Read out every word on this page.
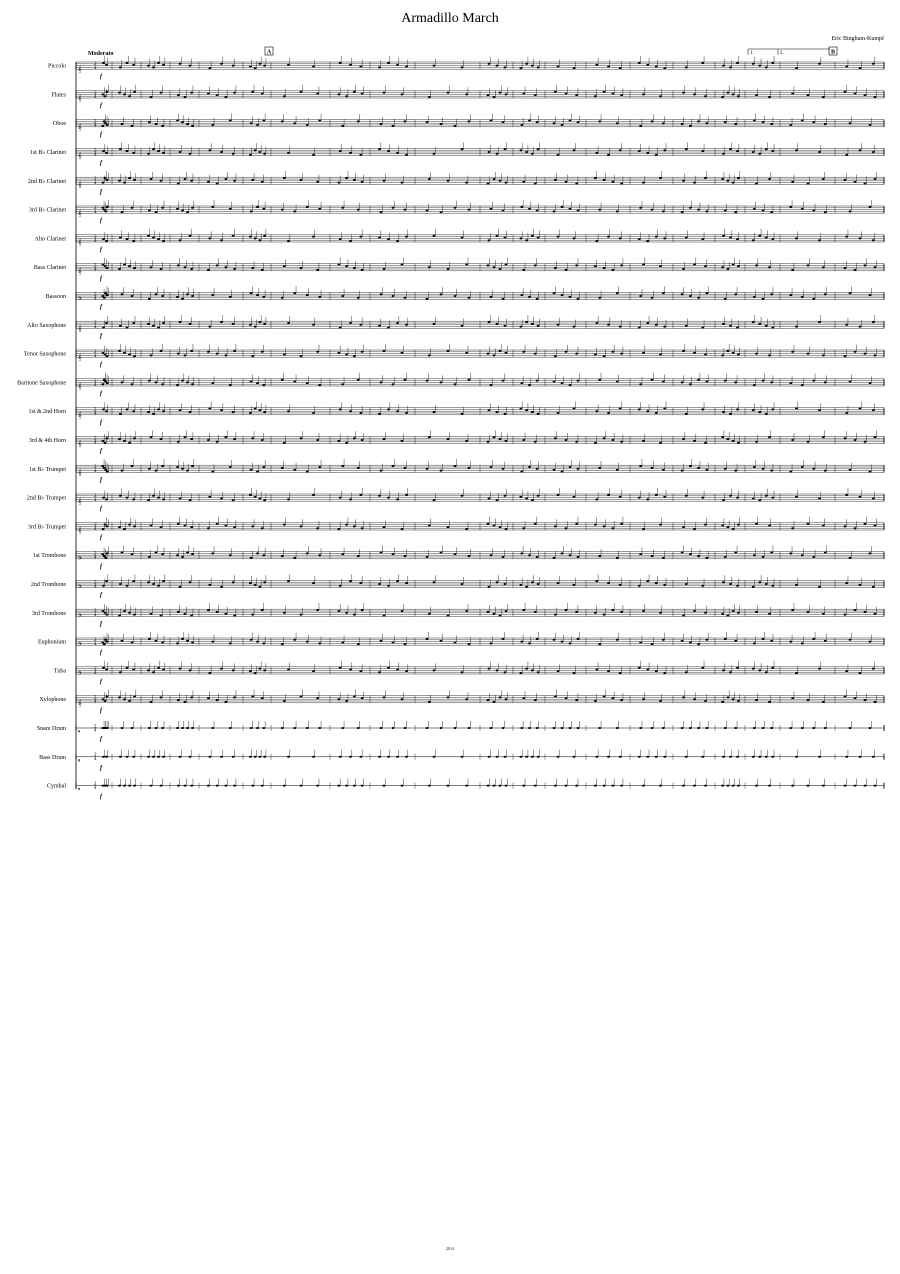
Armadillo March
Eric Bingham-Kumpf
Piccolo
𝄞
2
4
f
Flutes
𝄞
2
4
f
Oboe
𝄞
2
4
f
1st B♭ Clarinet
𝄞
2
4
f
2nd B♭ Clarinet
𝄞
2
4
f
3rd B♭ Clarinet
𝄞
2
4
f
Alto Clarinet
𝄞
2
4
f
Bass Clarinet
𝄞
2
4
f
Bassoon
𝄢
2
4
f
Alto Saxophone
𝄞
2
4
f
Tenor Saxophone
𝄞
2
4
f
Baritone Saxophone
𝄞
2
4
f
1st & 2nd Horn
𝄞
2
4
f
3rd & 4th Horn
𝄞
2
4
f
1st B♭ Trumpet
𝄞
2
4
f
2nd B♭ Trumpet
𝄞
2
4
f
3rd B♭ Trumpet
𝄞
2
4
f
1st Trombone
𝄢
2
4
f
2nd Trombone
𝄢
2
4
f
3rd Trombone
𝄢
2
4
f
Euphonium
𝄢
2
4
f
Tuba
𝄢
2
4
f
Xylophone
𝄞
2
4
f
Snare Drum
𝄥
2
4
f
Bass Drum
𝄥
2
4
f
Cymbal
𝄥
2
4
f
Moderato	A	B
1.	2.
2014
